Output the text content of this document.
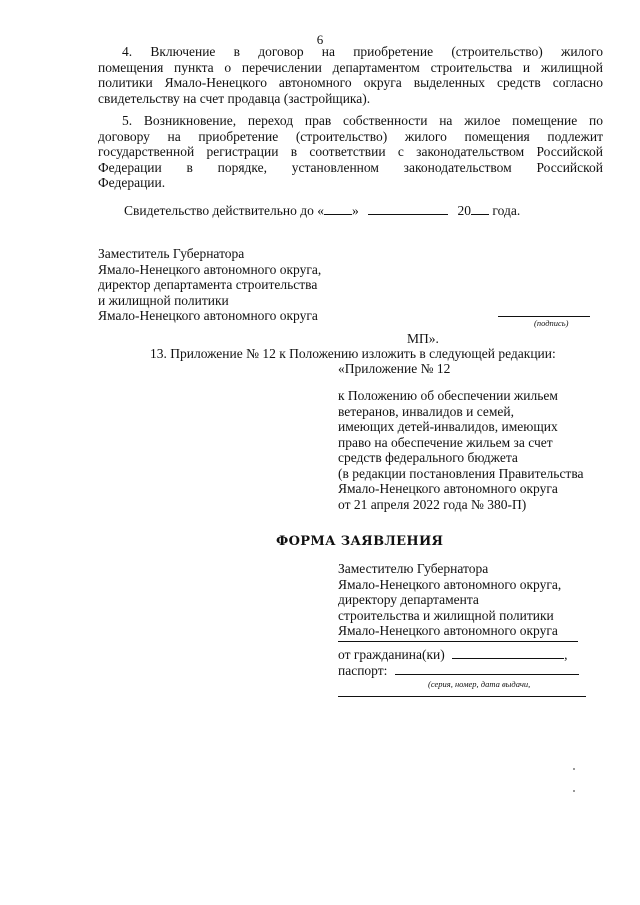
6
4. Включение в договор на приобретение (строительство) жилого
помещения пункта о перечислении департаментом строительства и жилищной
политики Ямало-Ненецкого автономного округа выделенных средств согласно
свидетельству на счет продавца (застройщика).
5. Возникновение, переход прав собственности на жилое помещение по
договору на приобретение (строительство) жилого помещения подлежит
государственной регистрации в соответствии с законодательством Российской
Федерации в порядке, установленном законодательством Российской
Федерации.
Свидетельство действительно до « »	20 года.
Заместитель Губернатора
Ямало-Ненецкого автономного округа,
директор департамента строительства
и жилищной политики
Ямало-Ненецкого автономного округа	(подпись)
МП».
13. Приложение № 12 к Положению изложить в следующей редакции:
«Приложение № 12
к Положению об обеспечении жильем
ветеранов, инвалидов и семей,
имеющих детей-инвалидов, имеющих
право на обеспечение жильем за счет
средств федерального бюджета
(в редакции постановления Правительства
Ямало-Ненецкого автономного округа
от 21 апреля 2022 года № 380-П)
ФОРМА ЗАЯВЛЕНИЯ
Заместителю Губернатора
Ямало-Ненецкого автономного округа,
директору департамента
строительства и жилищной политики
Ямало-Ненецкого автономного округа
от гражданина(ки)	,
паспорт:
(серия, номер, дата выдачи,
